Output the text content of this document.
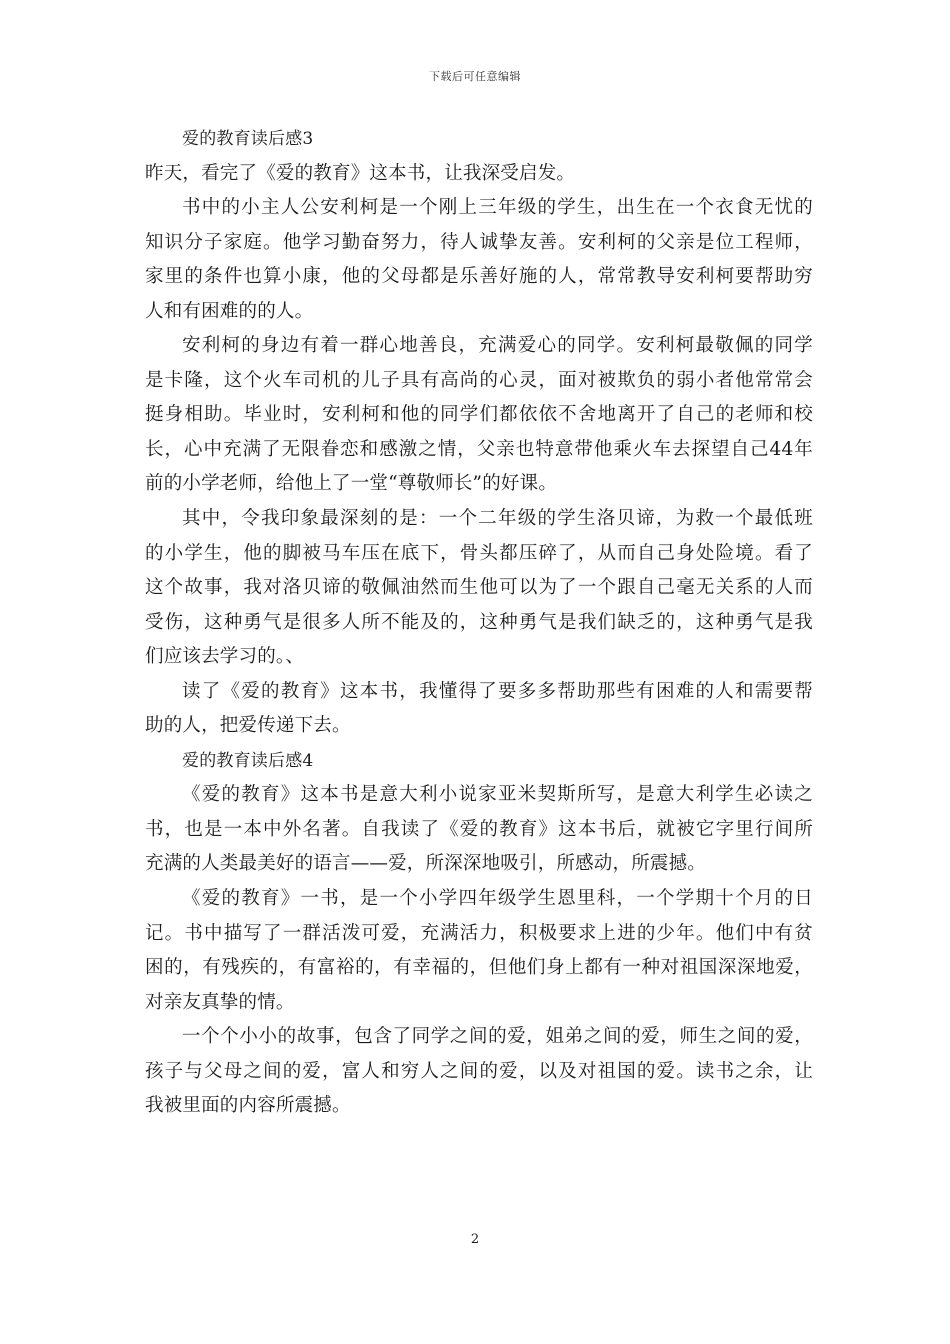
下载后可任意编辑
爱的教育读后感3
昨天，看完了《爱的教育》这本书，让我深受启发。
书中的小主人公安利柯是一个刚上三年级的学生，出生在一个衣食无忧的
知识分子家庭。他学习勤奋努力，待人诚挚友善。安利柯的父亲是位工程师，
家里的条件也算小康，他的父母都是乐善好施的人，常常教导安利柯要帮助穷
人和有困难的的人。
安利柯的身边有着一群心地善良，充满爱心的同学。安利柯最敬佩的同学
是卡隆，这个火车司机的儿子具有高尚的心灵，面对被欺负的弱小者他常常会
挺身相助。毕业时，安利柯和他的同学们都依依不舍地离开了自己的老师和校
长，心中充满了无限眷恋和感激之情，父亲也特意带他乘火车去探望自己44年
前的小学老师，给他上了一堂“尊敬师长”的好课。
其中，令我印象最深刻的是：一个二年级的学生洛贝谛，为救一个最低班
的小学生，他的脚被马车压在底下，骨头都压碎了，从而自己身处险境。看了
这个故事，我对洛贝谛的敬佩油然而生他可以为了一个跟自己毫无关系的人而
受伤，这种勇气是很多人所不能及的，这种勇气是我们缺乏的，这种勇气是我
们应该去学习的。、
读了《爱的教育》这本书，我懂得了要多多帮助那些有困难的人和需要帮
助的人，把爱传递下去。
爱的教育读后感4
《爱的教育》这本书是意大利小说家亚米契斯所写，是意大利学生必读之
书，也是一本中外名著。自我读了《爱的教育》这本书后，就被它字里行间所
充满的人类最美好的语言——爱，所深深地吸引，所感动，所震撼。
《爱的教育》一书，是一个小学四年级学生恩里科，一个学期十个月的日
记。书中描写了一群活泼可爱，充满活力，积极要求上进的少年。他们中有贫
困的，有残疾的，有富裕的，有幸福的，但他们身上都有一种对祖国深深地爱，
对亲友真挚的情。
一个个小小的故事，包含了同学之间的爱，姐弟之间的爱，师生之间的爱，
孩子与父母之间的爱，富人和穷人之间的爱，以及对祖国的爱。读书之余，让
我被里面的内容所震撼。
2
